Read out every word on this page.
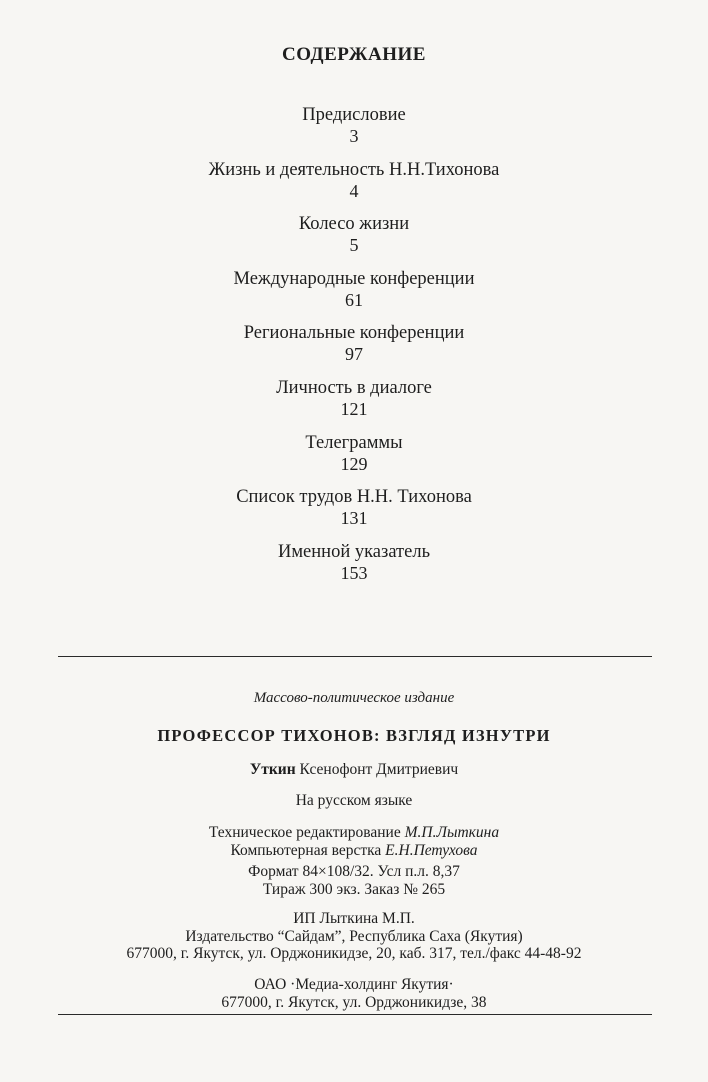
СОДЕРЖАНИЕ
Предисловие
3
Жизнь и деятельность Н.Н.Тихонова
4
Колесо жизни
5
Международные конференции
61
Региональные конференции
97
Личность в диалоге
121
Телеграммы
129
Список трудов Н.Н. Тихонова
131
Именной указатель
153
Массово-политическое издание
ПРОФЕССОР ТИХОНОВ: ВЗГЛЯД ИЗНУТРИ
Уткин Ксенофонт Дмитриевич
На русском языке
Техническое редактирование М.П.Лыткина
Компьютерная верстка Е.Н.Петухова
Формат 84×108/32. Усл п.л. 8,37
Тираж 300 экз. Заказ № 265
ИП Лыткина М.П.
Издательство “Сайдам”, Республика Саха (Якутия)
677000, г. Якутск, ул. Орджоникидзе, 20, каб. 317, тел./факс 44-48-92
ОАО ·Медиа-холдинг Якутия·
677000, г. Якутск, ул. Орджоникидзе, 38
